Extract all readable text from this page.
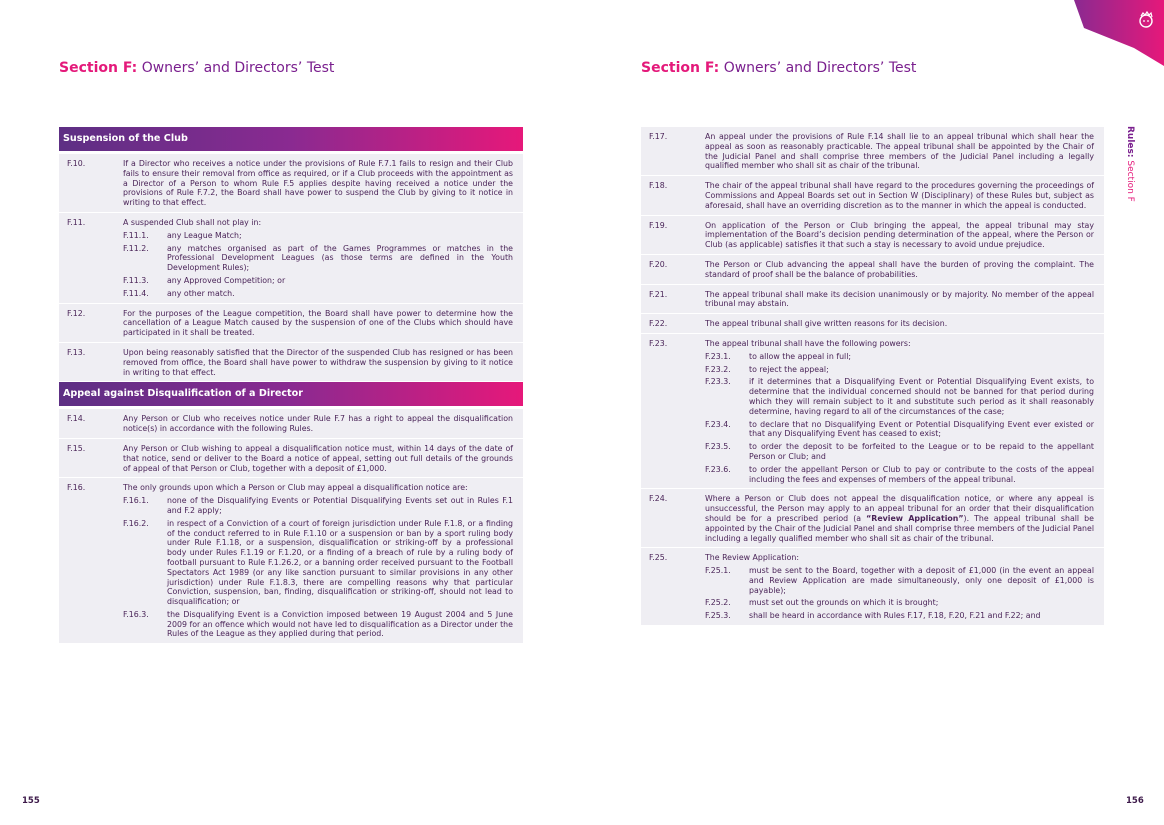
Section F: Owners’ and Directors’ Test	Section F: Owners’ and Directors’ Test
Rules: Section F
155	156
Suspension of the Club
F.10.	If a Director who receives a notice under the provisions of Rule F.7.1 fails to resign and their Club fails to ensure their removal from office as required, or if a Club proceeds with the appointment as a Director of a Person to whom Rule F.5 applies despite having received a notice under the provisions of Rule F.7.2, the Board shall have power to suspend the Club by giving to it notice in writing to that effect.
F.11.	A suspended Club shall not play in:
F.11.1.	any League Match;
F.11.2.	any matches organised as part of the Games Programmes or matches in the Professional Development Leagues (as those terms are defined in the Youth Development Rules);
F.11.3.	any Approved Competition; or
F.11.4.	any other match.
F.12.	For the purposes of the League competition, the Board shall have power to determine how the cancellation of a League Match caused by the suspension of one of the Clubs which should have participated in it shall be treated.
F.13.	Upon being reasonably satisfied that the Director of the suspended Club has resigned or has been removed from office, the Board shall have power to withdraw the suspension by giving to it notice in writing to that effect.
Appeal against Disqualification of a Director
F.14.	Any Person or Club who receives notice under Rule F.7 has a right to appeal the disqualification notice(s) in accordance with the following Rules.
F.15.	Any Person or Club wishing to appeal a disqualification notice must, within 14 days of the date of that notice, send or deliver to the Board a notice of appeal, setting out full details of the grounds of appeal of that Person or Club, together with a deposit of £1,000.
F.16.	The only grounds upon which a Person or Club may appeal a disqualification notice are:
F.16.1.	none of the Disqualifying Events or Potential Disqualifying Events set out in Rules F.1 and F.2 apply;
F.16.2.	in respect of a Conviction of a court of foreign jurisdiction under Rule F.1.8, or a finding of the conduct referred to in Rule F.1.10 or a suspension or ban by a sport ruling body under Rule F.1.18, or a suspension, disqualification or striking-off by a professional body under Rules F.1.19 or F.1.20, or a finding of a breach of rule by a ruling body of football pursuant to Rule F.1.26.2, or a banning order received pursuant to the Football Spectators Act 1989 (or any like sanction pursuant to similar provisions in any other jurisdiction) under Rule F.1.8.3, there are compelling reasons why that particular Conviction, suspension, ban, finding, disqualification or striking-off, should not lead to disqualification; or
F.16.3.	the Disqualifying Event is a Conviction imposed between 19 August 2004 and 5 June 2009 for an offence which would not have led to disqualification as a Director under the Rules of the League as they applied during that period.
F.17.	An appeal under the provisions of Rule F.14 shall lie to an appeal tribunal which shall hear the appeal as soon as reasonably practicable. The appeal tribunal shall be appointed by the Chair of the Judicial Panel and shall comprise three members of the Judicial Panel including a legally qualified member who shall sit as chair of the tribunal.
F.18.	The chair of the appeal tribunal shall have regard to the procedures governing the proceedings of Commissions and Appeal Boards set out in Section W (Disciplinary) of these Rules but, subject as aforesaid, shall have an overriding discretion as to the manner in which the appeal is conducted.
F.19.	On application of the Person or Club bringing the appeal, the appeal tribunal may stay implementation of the Board’s decision pending determination of the appeal, where the Person or Club (as applicable) satisfies it that such a stay is necessary to avoid undue prejudice.
F.20.	The Person or Club advancing the appeal shall have the burden of proving the complaint. The standard of proof shall be the balance of probabilities.
F.21.	The appeal tribunal shall make its decision unanimously or by majority. No member of the appeal tribunal may abstain.
F.22.	The appeal tribunal shall give written reasons for its decision.
F.23.	The appeal tribunal shall have the following powers:
F.23.1.	to allow the appeal in full;
F.23.2.	to reject the appeal;
F.23.3.	if it determines that a Disqualifying Event or Potential Disqualifying Event exists, to determine that the individual concerned should not be banned for that period during which they will remain subject to it and substitute such period as it shall reasonably determine, having regard to all of the circumstances of the case;
F.23.4.	to declare that no Disqualifying Event or Potential Disqualifying Event ever existed or that any Disqualifying Event has ceased to exist;
F.23.5.	to order the deposit to be forfeited to the League or to be repaid to the appellant Person or Club; and
F.23.6.	to order the appellant Person or Club to pay or contribute to the costs of the appeal including the fees and expenses of members of the appeal tribunal.
F.24.	Where a Person or Club does not appeal the disqualification notice, or where any appeal is unsuccessful, the Person may apply to an appeal tribunal for an order that their disqualification should be for a prescribed period (a “Review Application”). The appeal tribunal shall be appointed by the Chair of the Judicial Panel and shall comprise three members of the Judicial Panel including a legally qualified member who shall sit as chair of the tribunal.
F.25.	The Review Application:
F.25.1.	must be sent to the Board, together with a deposit of £1,000 (in the event an appeal and Review Application are made simultaneously, only one deposit of £1,000 is payable);
F.25.2.	must set out the grounds on which it is brought;
F.25.3.	shall be heard in accordance with Rules F.17, F.18, F.20, F.21 and F.22; and
